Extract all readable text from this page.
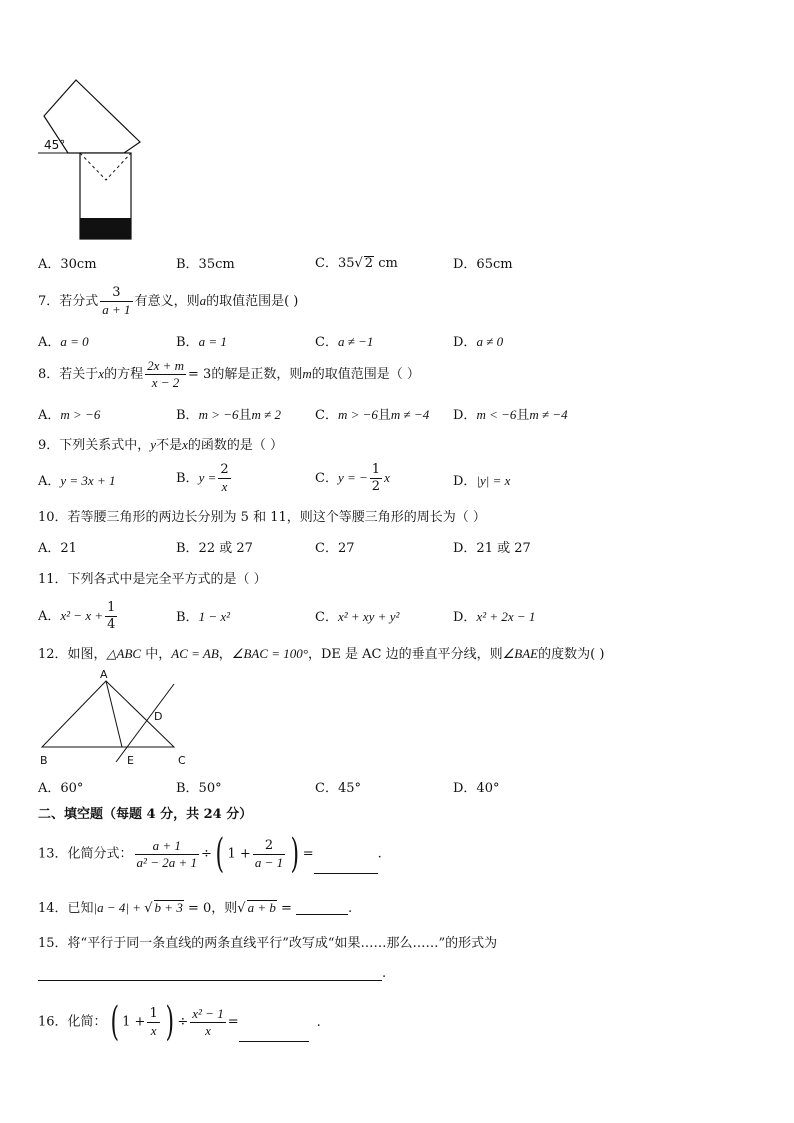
45°
A．30cm	B．35cm	C．35√ 2 cm	D．65cm
7．若分式 $\frac{3}{a + 1}$ 有意义，则a的取值范围是( )
A．a = 0	B．a = 1	C．a ≠ −1	D．a ≠ 0
8．若关于x的方程 $\frac{2x + m}{x - 2} = 3$的解是正数，则m的取值范围是（ ）
A．m > −6	B．m > −6且m ≠ 2	C．m > −6且m ≠ −4 D．m < −6且m ≠ −4
9．下列关系式中，y不是x的函数的是（ ）
A．y = 3x + 1	B．$y = \frac{2}{x}$	C．y = − $\frac{1}{2}$ x	D．|y| = x
10．若等腰三角形的两边长分别为 5 和 11，则这个等腰三角形的周长为（ ）
A．21	B．22 或 27	C．27	D．21 或 27
11．下列各式中是完全平方式的是（ ）
A．$x^2 - x + \frac{1}{4}$	B．1 − x²	C．x² + xy + y²	D．x² + 2x − 1
12．如图，△ABC 中，AC = AB，∠BAC = 100°，DE 是 AC 边的垂直平分线，则∠BAE的度数为( )
A
B	C
D
E
A．60°	B．50°	C．45°	D．40°
二、填空题（每题 4 分，共 24 分）
13．化简分式： $\frac{a + 1}{\text{a² − 2a + 1}}$ ÷( $1 + \frac{2}{a - 1}$ ) =	.
14．已知|a − 4| + √ b + 3 = 0，则√ a + b =	.
15．将“平行于同一条直线的两条直线平行”改写成“如果……那么……”的形式为
.
16．化简：( $1 + \frac{1}{x}$ ) ÷ $\frac{\text{x² − 1}}{x}$ =	.
